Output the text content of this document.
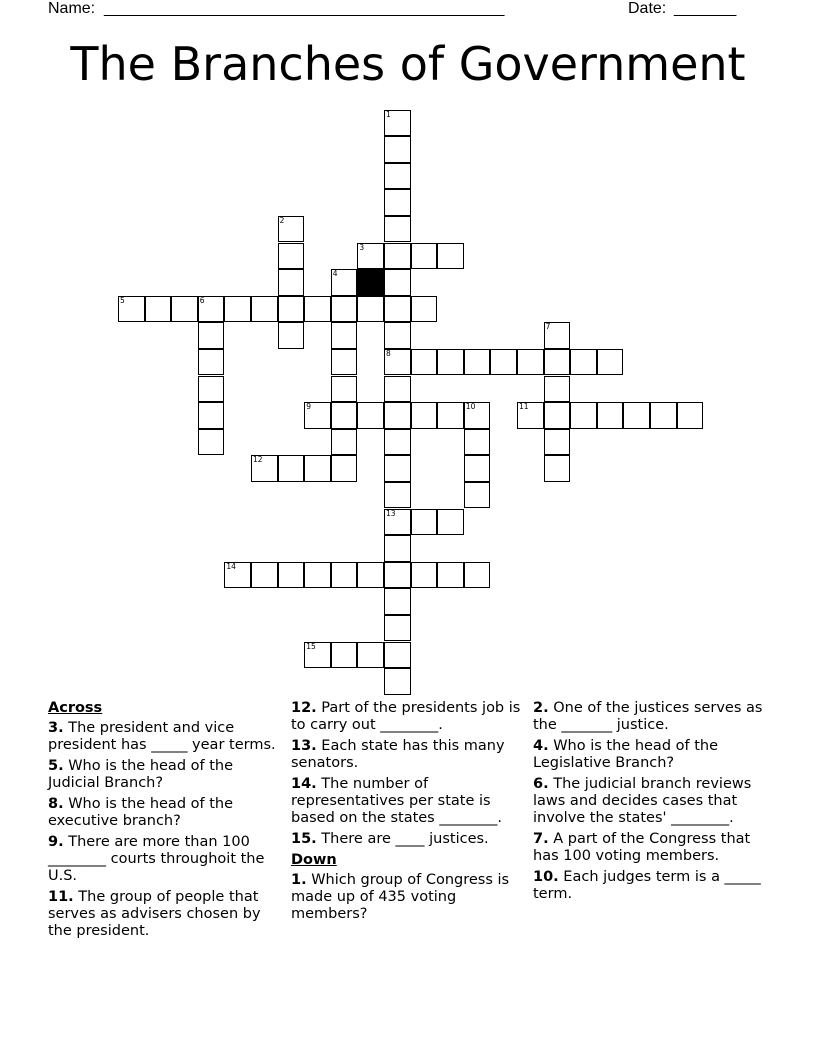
Name: _____________________________________________	Date: _______
The Branches of Government
1
8
13
2
3
4
5	6
7
9	10	11
12
14
15
Across
3. The president and vice president has _____ year terms.
5. Who is the head of the Judicial Branch?
8. Who is the head of the executive branch?
9. There are more than 100 ________ courts throughoit the U.S.
11. The group of people that serves as advisers chosen by the president.
12. Part of the presidents job is to carry out ________.
13. Each state has this many senators.
14. The number of representatives per state is based on the states ________.
15. There are ____ justices.
Down
1. Which group of Congress is made up of 435 voting members?
2. One of the justices serves as the _______ justice.
4. Who is the head of the Legislative Branch?
6. The judicial branch reviews laws and decides cases that involve the states' ________.
7. A part of the Congress that has 100 voting members.
10. Each judges term is a _____ term.
